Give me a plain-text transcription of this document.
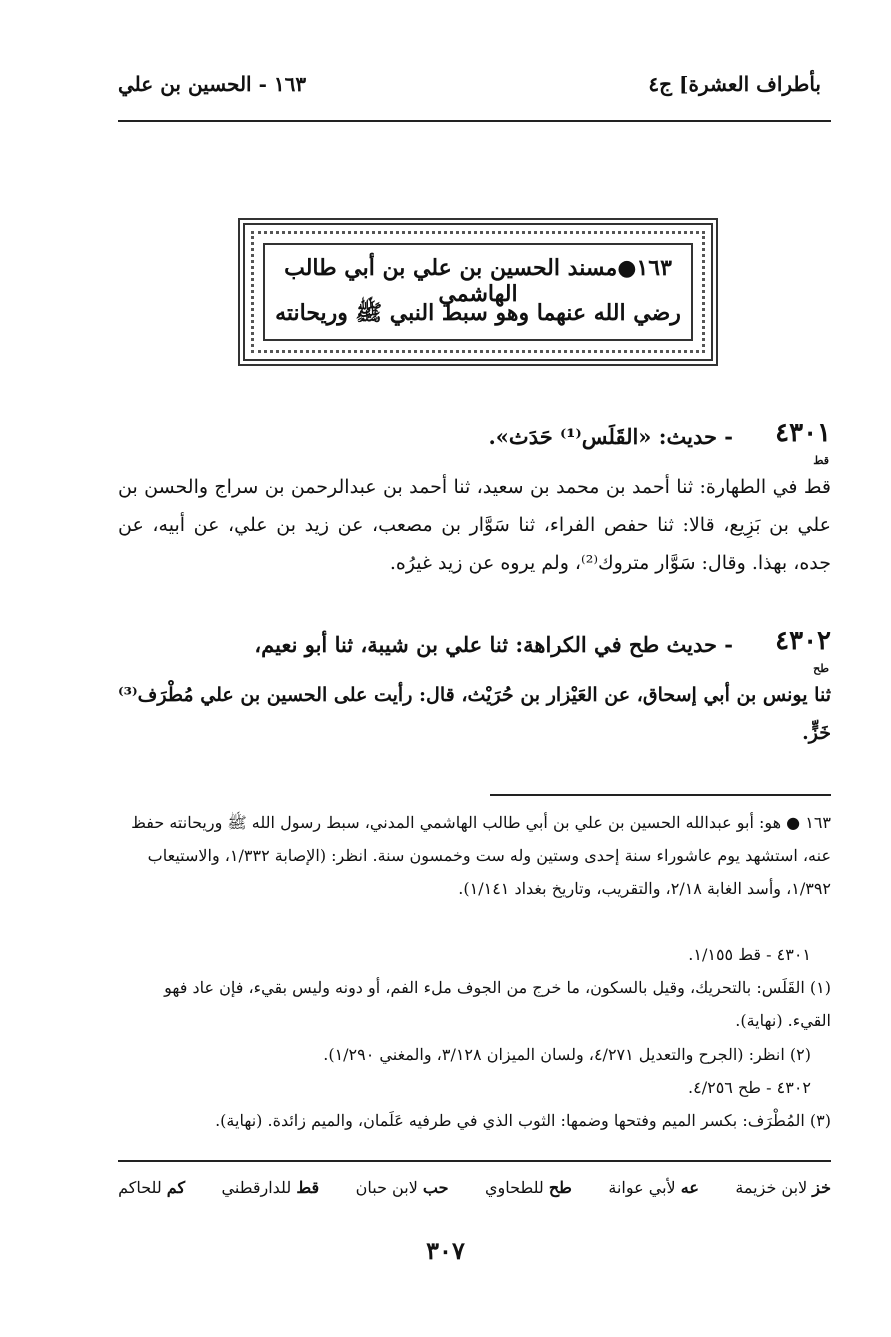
بأطراف العشرة] ج٤
١٦٣ - الحسين بن علي
١٦٣●مسند الحسين بن علي بن أبي طالب الهاشمي
رضي الله عنهما وهو سبط النبي ﷺ وريحانته
٤٣٠١
قط
- حديث: «القَلَس⁽¹⁾ حَدَث».
قط في الطهارة: ثنا أحمد بن محمد بن سعيد، ثنا أحمد بن عبدالرحمن بن سراج والحسن بن علي بن بَزِيع، قالا: ثنا حفص الفراء، ثنا سَوَّار بن مصعب، عن زيد بن علي، عن أبيه، عن جده، بهذا. وقال: سَوَّار متروك⁽²⁾، ولم يروه عن زيد غيرُه.
٤٣٠٢
طح
- حديث طح في الكراهة: ثنا علي بن شيبة، ثنا أبو نعيم،
ثنا يونس بن أبي إسحاق، عن العَيْزار بن حُرَيْث، قال: رأيت على الحسين بن علي مُطْرَف⁽³⁾ خَزٍّ.
١٦٣ ● هو: أبو عبدالله الحسين بن علي بن أبي طالب الهاشمي المدني، سبط رسول الله ﷺ وريحانته حفظ عنه، استشهد يوم عاشوراء سنة إحدى وستين وله ست وخمسون سنة. انظر: (الإصابة ١/٣٣٢، والاستيعاب ١/٣٩٢، وأسد الغابة ٢/١٨، والتقريب، وتاريخ بغداد ١/١٤١).
٤٣٠١ - قط ١/١٥٥.
(١) القَلَس: بالتحريك، وقيل بالسكون، ما خرج من الجوف ملء الفم، أو دونه وليس بقيء، فإن عاد فهو القيء. (نهاية).
(٢) انظر: (الجرح والتعديل ٤/٢٧١، ولسان الميزان ٣/١٢٨، والمغني ١/٢٩٠).
٤٣٠٢ - طح ٤/٢٥٦.
(٣) المُطْرَف: بكسر الميم وفتحها وضمها: الثوب الذي في طرفيه عَلَمان، والميم زائدة. (نهاية).
خز لابن خزيمة
عه لأبي عوانة
طح للطحاوي
حب لابن حبان
قط للدارقطني
كم للحاكم
٣٠٧
